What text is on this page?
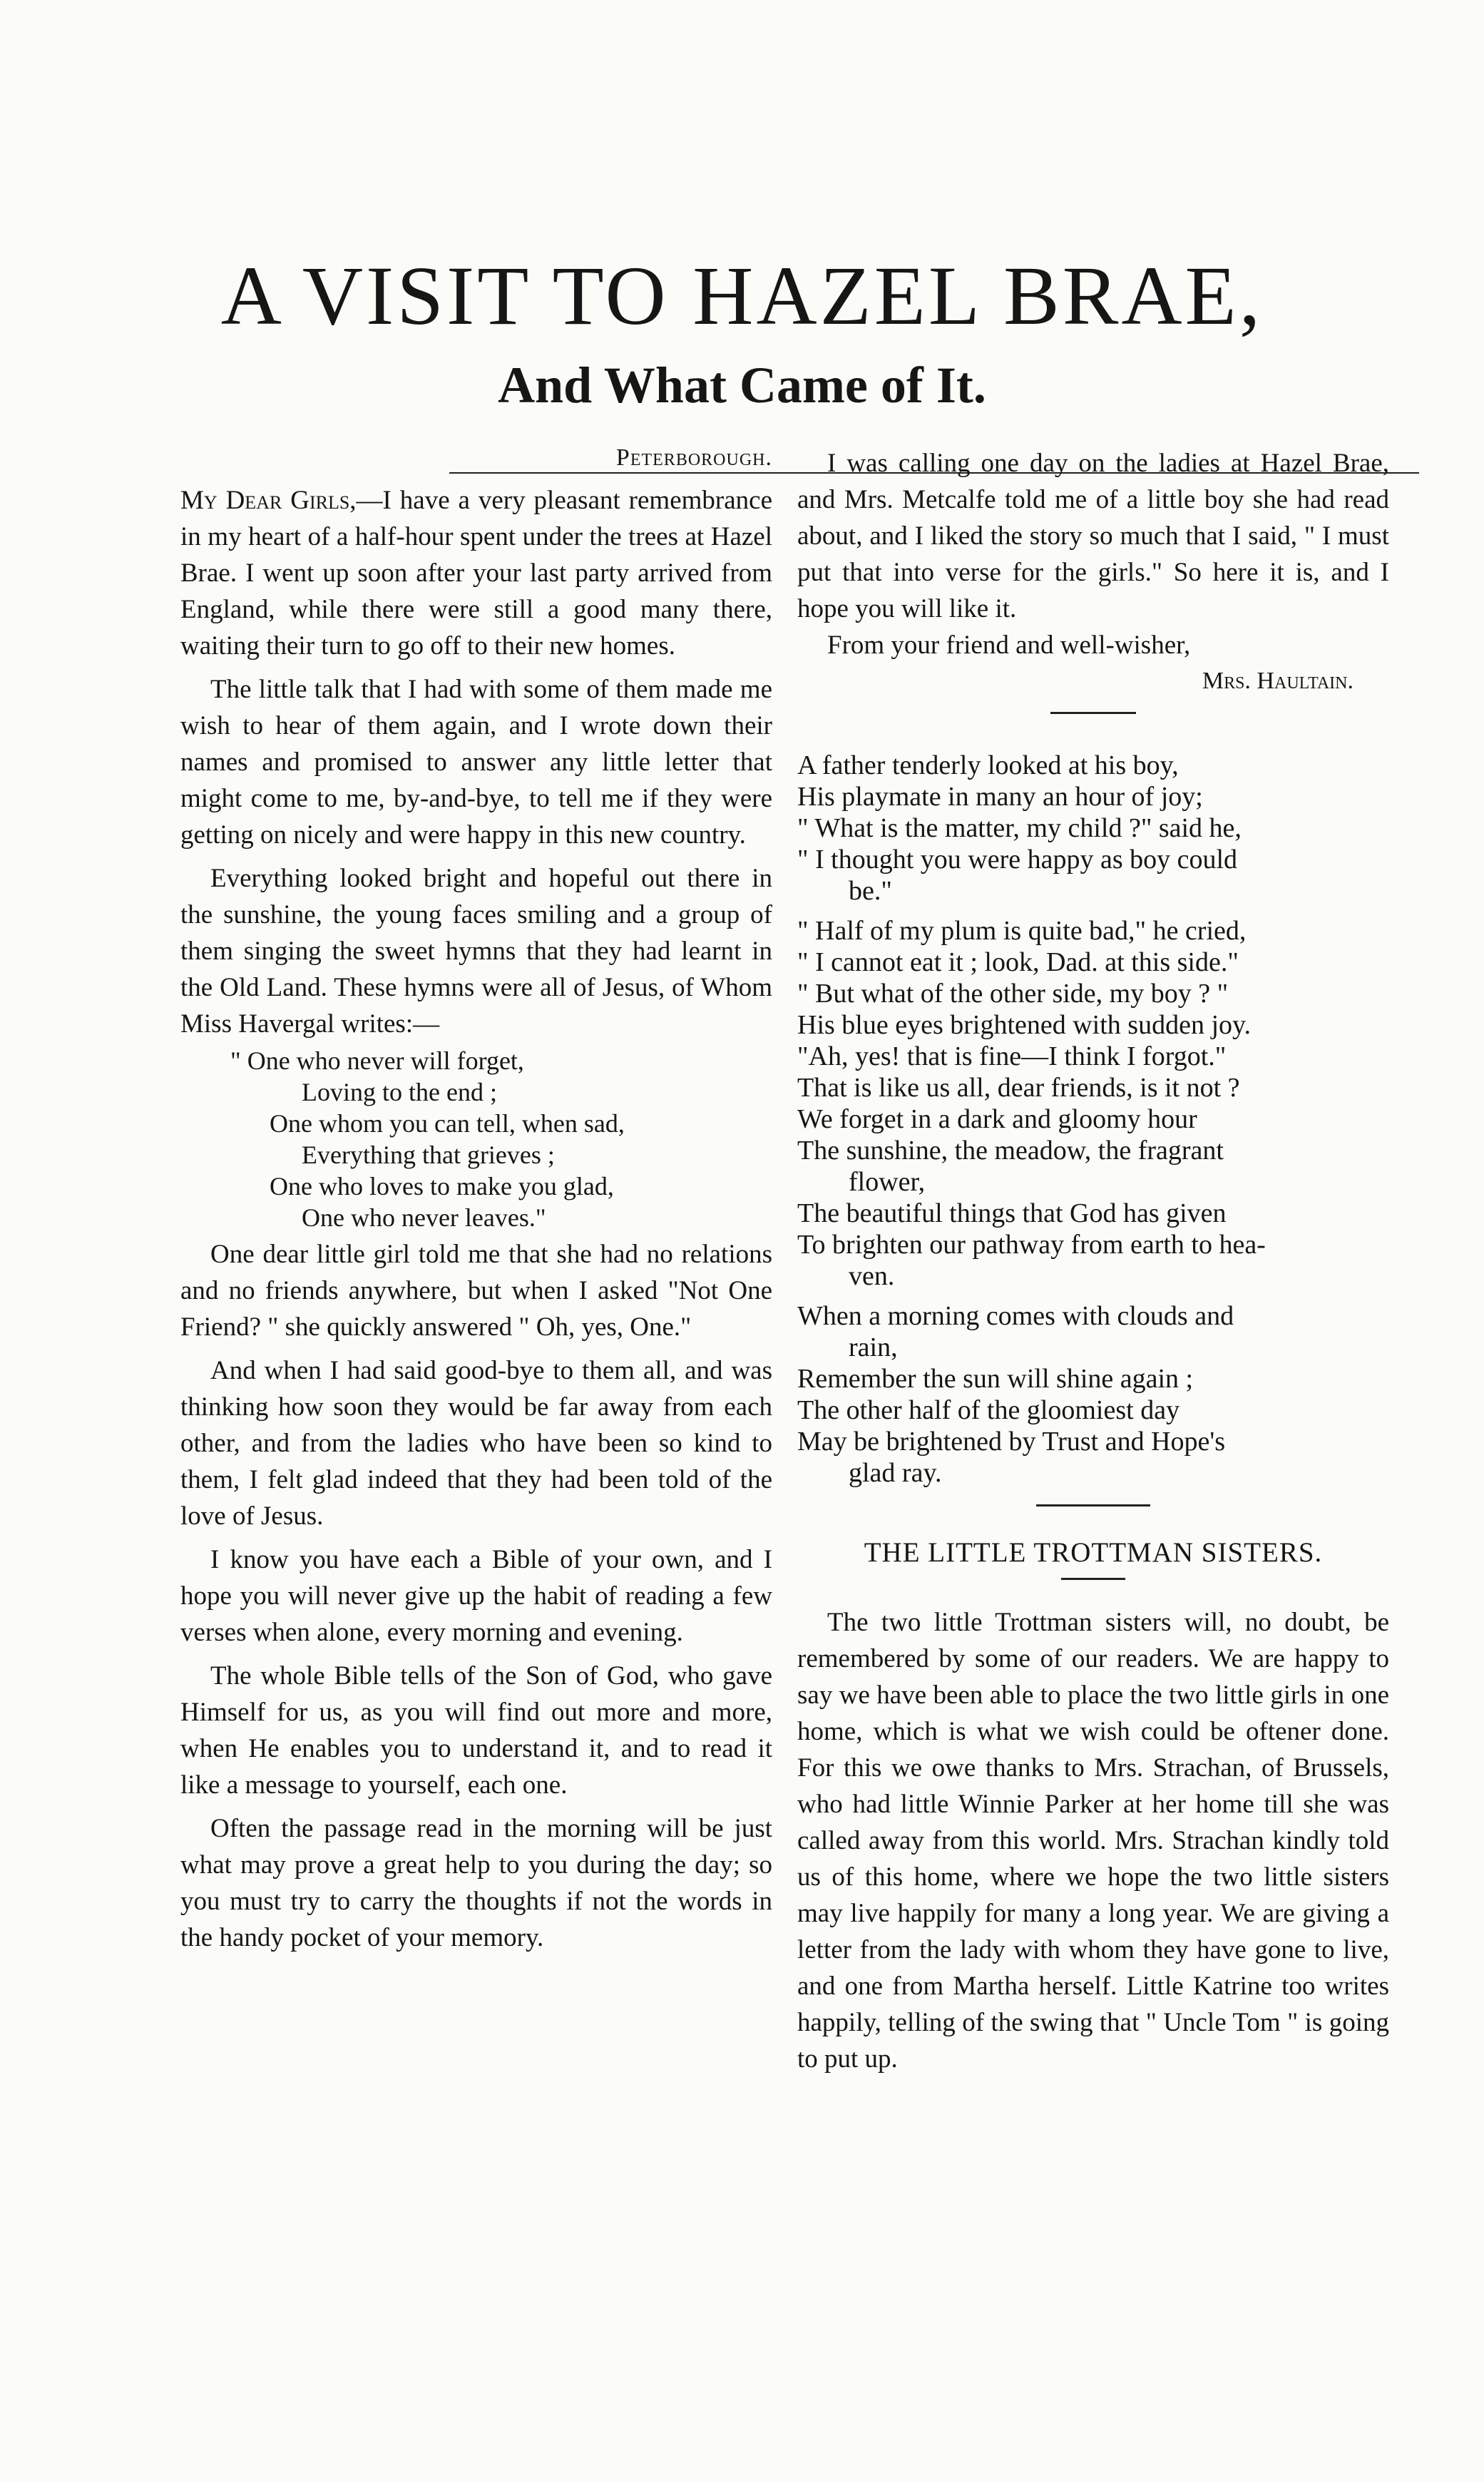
A VISIT TO HAZEL BRAE,
And What Came of It.
Peterborough.

My Dear Girls,—I have a very pleasant remembrance in my heart of a half-hour spent under the trees at Hazel Brae. I went up soon after your last party arrived from England, while there were still a good many there, waiting their turn to go off to their new homes.

The little talk that I had with some of them made me wish to hear of them again, and I wrote down their names and promised to answer any little letter that might come to me, by-and-bye, to tell me if they were getting on nicely and were happy in this new country.

Everything looked bright and hopeful out there in the sunshine, the young faces smiling and a group of them singing the sweet hymns that they had learnt in the Old Land. These hymns were all of Jesus, of Whom Miss Havergal writes:—

" One who never will forget,
Loving to the end ;
One whom you can tell, when sad,
Everything that grieves ;
One who loves to make you glad,
One who never leaves."

One dear little girl told me that she had no relations and no friends anywhere, but when I asked "Not One Friend? " she quickly answered " Oh, yes, One."

And when I had said good-bye to them all, and was thinking how soon they would be far away from each other, and from the ladies who have been so kind to them, I felt glad indeed that they had been told of the love of Jesus.

I know you have each a Bible of your own, and I hope you will never give up the habit of reading a few verses when alone, every morning and evening.

The whole Bible tells of the Son of God, who gave Himself for us, as you will find out more and more, when He enables you to understand it, and to read it like a message to yourself, each one.

Often the passage read in the morning will be just what may prove a great help to you during the day; so you must try to carry the thoughts if not the words in the handy pocket of your memory.

I was calling one day on the ladies at Hazel Brae, and Mrs. Metcalfe told me of a little boy she had read about, and I liked the story so much that I said, " I must put that into verse for the girls." So here it is, and I hope you will like it.

From your friend and well-wisher,

Mrs. Haultain.

A father tenderly looked at his boy,
His playmate in many an hour of joy;
" What is the matter, my child ?" said he,
" I thought you were happy as boy could
be."
" Half of my plum is quite bad," he cried,
" I cannot eat it ; look, Dad. at this side."
" But what of the other side, my boy ? "
His blue eyes brightened with sudden joy.
"Ah, yes! that is fine—I think I forgot."
That is like us all, dear friends, is it not ?
We forget in a dark and gloomy hour
The sunshine, the meadow, the fragrant
flower,
The beautiful things that God has given
To brighten our pathway from earth to hea-
ven.
When a morning comes with clouds and
rain,
Remember the sun will shine again ;
The other half of the gloomiest day
May be brightened by Trust and Hope's
glad ray.

THE LITTLE TROTTMAN SISTERS.

The two little Trottman sisters will, no doubt, be remembered by some of our readers. We are happy to say we have been able to place the two little girls in one home, which is what we wish could be oftener done. For this we owe thanks to Mrs. Strachan, of Brussels, who had little Winnie Parker at her home till she was called away from this world. Mrs. Strachan kindly told us of this home, where we hope the two little sisters may live happily for many a long year. We are giving a letter from the lady with whom they have gone to live, and one from Martha herself. Little Katrine too writes happily, telling of the swing that " Uncle Tom " is going to put up.
